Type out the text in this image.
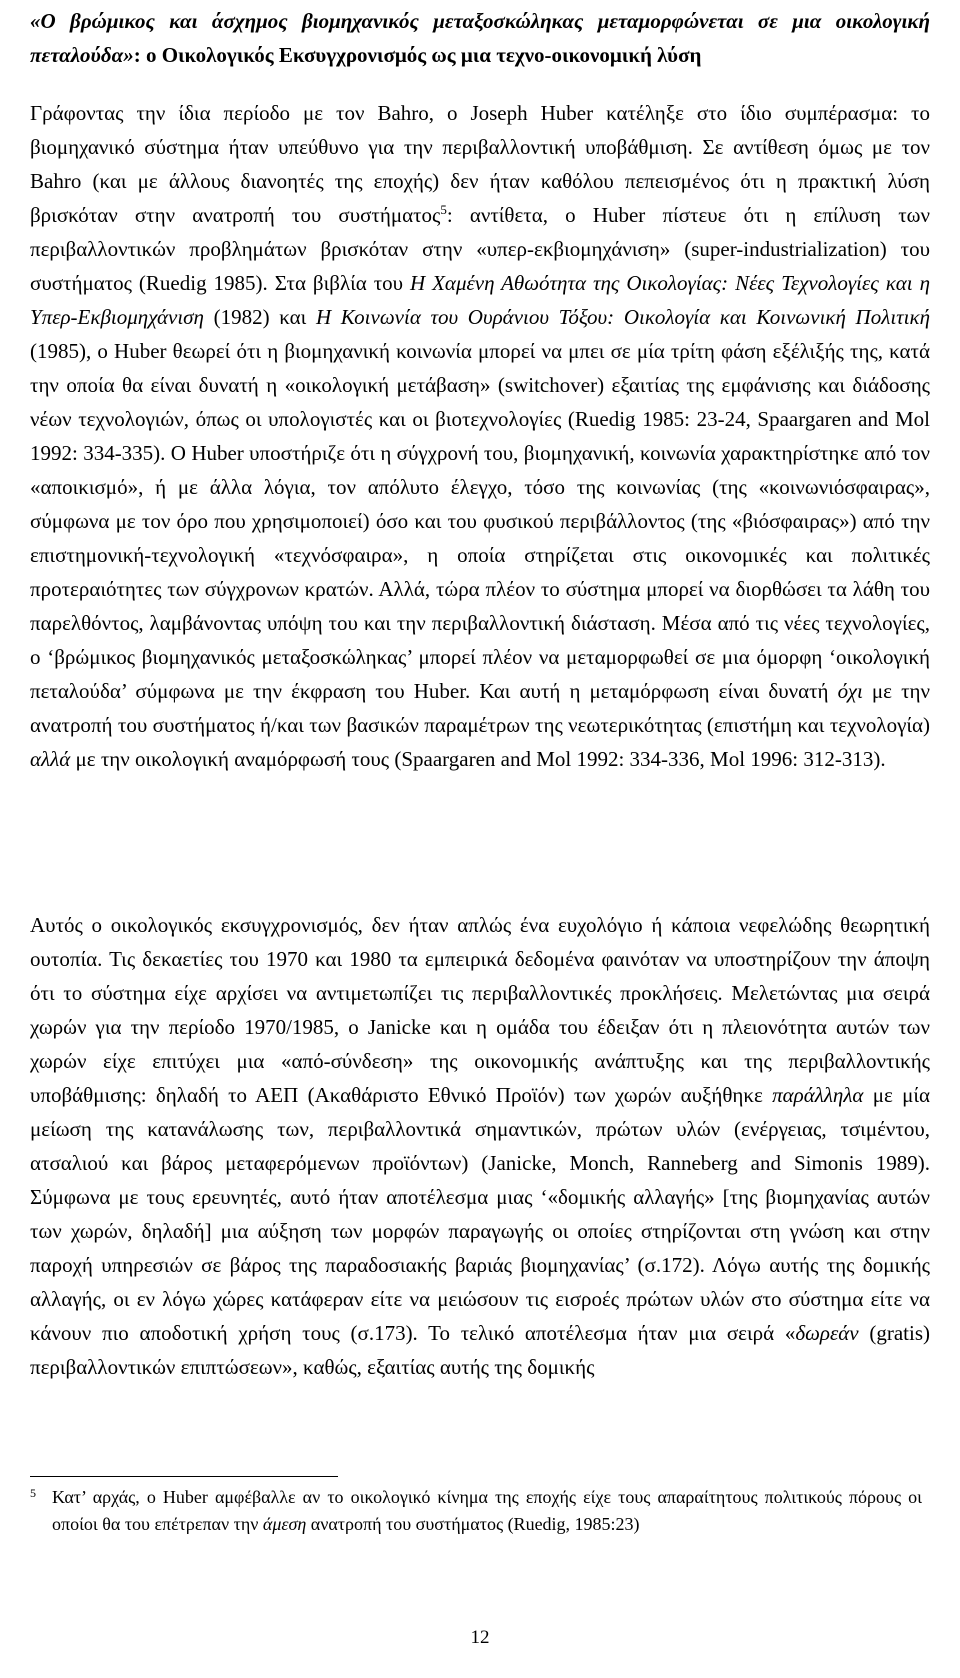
«Ο βρώμικος και άσχημος βιομηχανικός μεταξοσκώληκας μεταμορφώνεται σε μια οικολογική πεταλούδα»: ο Οικολογικός Εκσυγχρονισμός ως μια τεχνο-οικονομική λύση
Γράφοντας την ίδια περίοδο με τον Bahro, ο Joseph Huber κατέληξε στο ίδιο συμπέρασμα: το βιομηχανικό σύστημα ήταν υπεύθυνο για την περιβαλλοντική υποβάθμιση. Σε αντίθεση όμως με τον Bahro (και με άλλους διανοητές της εποχής) δεν ήταν καθόλου πεπεισμένος ότι η πρακτική λύση βρισκόταν στην ανατροπή του συστήματος$^5$: αντίθετα, ο Huber πίστευε ότι η επίλυση των περιβαλλοντικών προβλημάτων βρισκόταν στην «υπερ-εκβιομηχάνιση» (super-industrialization) του συστήματος (Ruedig 1985). Στα βιβλία του Η Χαμένη Αθωότητα της Οικολογίας: Νέες Τεχνολογίες και η Υπερ-Εκβιομηχάνιση (1982) και Η Κοινωνία του Ουράνιου Τόξου: Οικολογία και Κοινωνική Πολιτική (1985), ο Huber θεωρεί ότι η βιομηχανική κοινωνία μπορεί να μπει σε μία τρίτη φάση εξέλιξής της, κατά την οποία θα είναι δυνατή η «οικολογική μετάβαση» (switchover) εξαιτίας της εμφάνισης και διάδοσης νέων τεχνολογιών, όπως οι υπολογιστές και οι βιοτεχνολογίες (Ruedig 1985: 23-24, Spaargaren and Mol 1992: 334-335). Ο Huber υποστήριζε ότι η σύγχρονή του, βιομηχανική, κοινωνία χαρακτηρίστηκε από τον «αποικισμό», ή με άλλα λόγια, τον απόλυτο έλεγχο, τόσο της κοινωνίας (της «κοινωνιόσφαιρας», σύμφωνα με τον όρο που χρησιμοποιεί) όσο και του φυσικού περιβάλλοντος (της «βιόσφαιρας») από την επιστημονική-τεχνολογική «τεχνόσφαιρα», η οποία στηρίζεται στις οικονομικές και πολιτικές προτεραιότητες των σύγχρονων κρατών. Αλλά, τώρα πλέον το σύστημα μπορεί να διορθώσει τα λάθη του παρελθόντος, λαμβάνοντας υπόψη του και την περιβαλλοντική διάσταση. Μέσα από τις νέες τεχνολογίες, ο ‘βρώμικος βιομηχανικός μεταξοσκώληκας’ μπορεί πλέον να μεταμορφωθεί σε μια όμορφη ‘οικολογική πεταλούδα’ σύμφωνα με την έκφραση του Huber. Και αυτή η μεταμόρφωση είναι δυνατή όχι με την ανατροπή του συστήματος ή/και των βασικών παραμέτρων της νεωτερικότητας (επιστήμη και τεχνολογία) αλλά με την οικολογική αναμόρφωσή τους (Spaargaren and Mol 1992: 334-336, Mol 1996: 312-313).
Αυτός ο οικολογικός εκσυγχρονισμός, δεν ήταν απλώς ένα ευχολόγιο ή κάποια νεφελώδης θεωρητική ουτοπία. Τις δεκαετίες του 1970 και 1980 τα εμπειρικά δεδομένα φαινόταν να υποστηρίζουν την άποψη ότι το σύστημα είχε αρχίσει να αντιμετωπίζει τις περιβαλλοντικές προκλήσεις. Μελετώντας μια σειρά χωρών για την περίοδο 1970/1985, ο Janicke και η ομάδα του έδειξαν ότι η πλειονότητα αυτών των χωρών είχε επιτύχει μια «από-σύνδεση» της οικονομικής ανάπτυξης και της περιβαλλοντικής υποβάθμισης: δηλαδή το ΑΕΠ (Ακαθάριστο Εθνικό Προϊόν) των χωρών αυξήθηκε παράλληλα με μία μείωση της κατανάλωσης των, περιβαλλοντικά σημαντικών, πρώτων υλών (ενέργειας, τσιμέντου, ατσαλιού και βάρος μεταφερόμενων προϊόντων) (Janicke, Monch, Ranneberg and Simonis 1989). Σύμφωνα με τους ερευνητές, αυτό ήταν αποτέλεσμα μιας ‘«δομικής αλλαγής» [της βιομηχανίας αυτών των χωρών, δηλαδή] μια αύξηση των μορφών παραγωγής οι οποίες στηρίζονται στη γνώση και στην παροχή υπηρεσιών σε βάρος της παραδοσιακής βαριάς βιομηχανίας’ (σ.172). Λόγω αυτής της δομικής αλλαγής, οι εν λόγω χώρες κατάφεραν είτε να μειώσουν τις εισροές πρώτων υλών στο σύστημα είτε να κάνουν πιο αποδοτική χρήση τους (σ.173). Το τελικό αποτέλεσμα ήταν μια σειρά «δωρεάν (gratis) περιβαλλοντικών επιπτώσεων», καθώς, εξαιτίας αυτής της δομικής
5 Κατ’ αρχάς, ο Huber αμφέβαλλε αν το οικολογικό κίνημα της εποχής είχε τους απαραίτητους πολιτικούς πόρους οι οποίοι θα του επέτρεπαν την άμεση ανατροπή του συστήματος (Ruedig, 1985:23)
12
